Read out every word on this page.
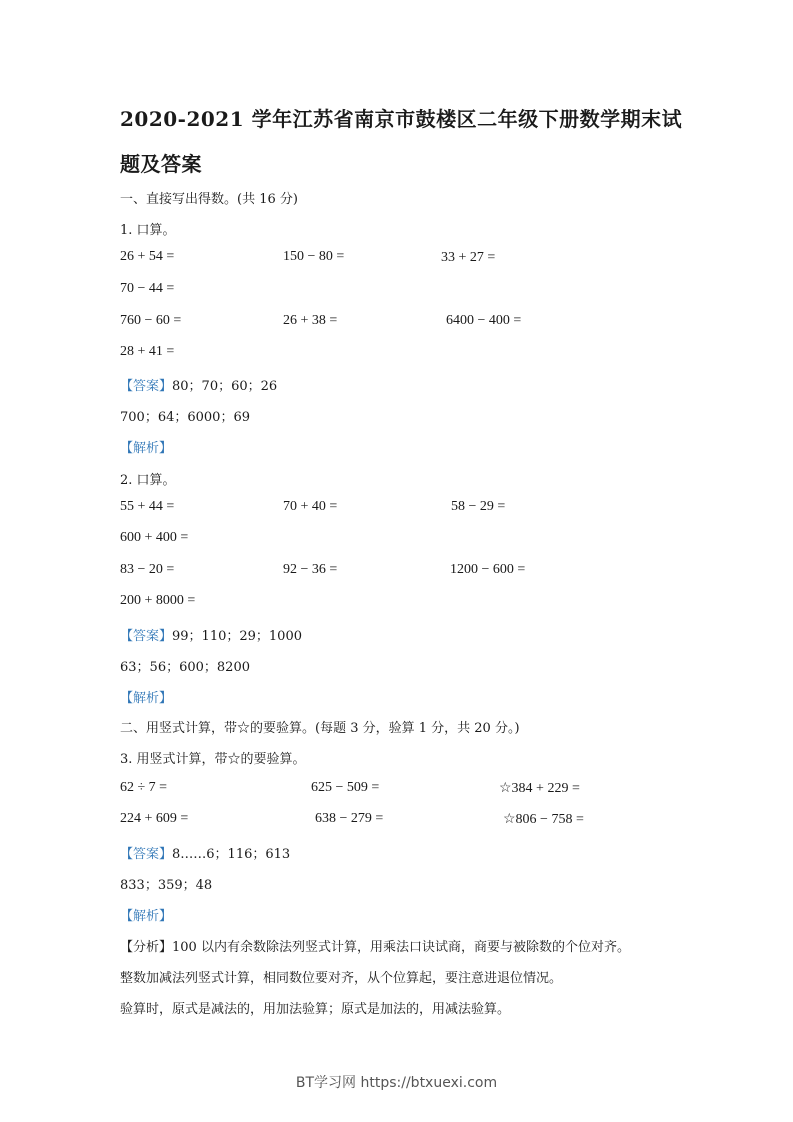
2020-2021 学年江苏省南京市鼓楼区二年级下册数学期末试
题及答案
一、直接写出得数。(共 16 分)
1. 口算。
26 + 54 =	150 − 80 =	33 + 27 =
70 − 44 =
760 − 60 =	26 + 38 =	6400 − 400 =
28 + 41 =
【答案】80；70；60；26
700；64；6000；69
【解析】
2. 口算。
55 + 44 =	70 + 40 =	58 − 29 =
600 + 400 =
83 − 20 =	92 − 36 =	1200 − 600 =
200 + 8000 =
【答案】99；110；29；1000
63；56；600；8200
【解析】
二、用竖式计算，带☆的要验算。(每题 3 分，验算 1 分，共 20 分。)
3. 用竖式计算，带☆的要验算。
62 ÷ 7 =	625 − 509 =	☆384 + 229 =
224 + 609 =	638 − 279 =	☆806 − 758 =
【答案】8……6；116；613
833；359；48
【解析】
【分析】100 以内有余数除法列竖式计算，用乘法口诀试商，商要与被除数的个位对齐。
整数加减法列竖式计算，相同数位要对齐，从个位算起，要注意进退位情况。
验算时，原式是减法的，用加法验算；原式是加法的，用减法验算。
BT学习网 https://btxuexi.com
